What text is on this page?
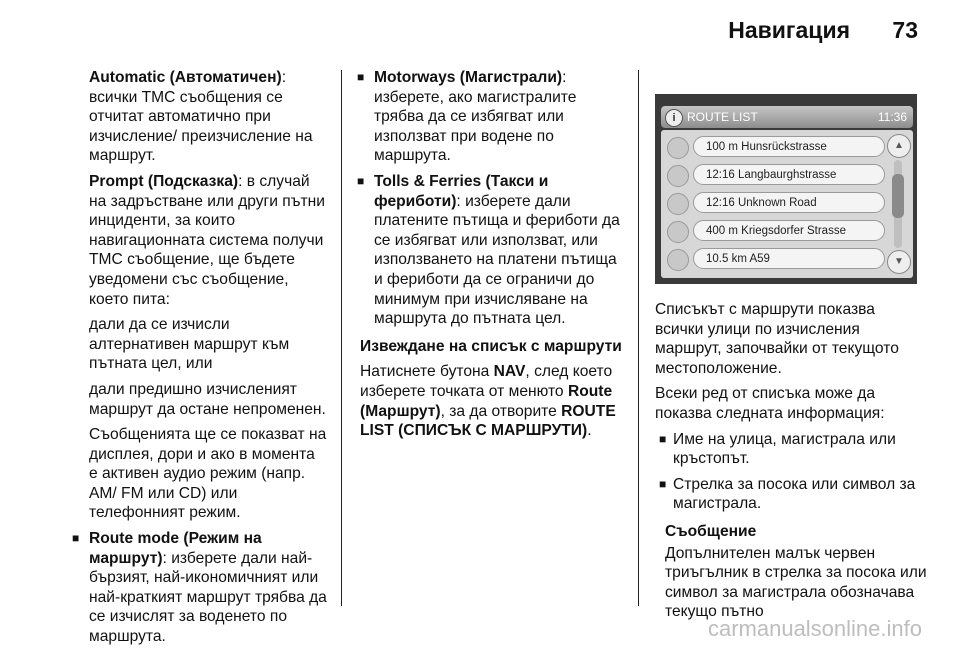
Навигация 73

Automatic (Автоматичен): всички TMC съобщения се отчитат автоматично при изчисление/ преизчисление на маршрут.

Prompt (Подсказка): в случай на задръстване или други пътни инциденти, за които навигационната система получи TMC съобщение, ще бъдете уведомени със съобщение, което пита:

дали да се изчисли алтернативен маршрут към пътната цел, или

дали предишно изчисленият маршрут да остане непроменен.

Съобщенията ще се показват на дисплея, дори и ако в момента е активен аудио режим (напр. AM/ FM или CD) или телефонният режим.

■ Route mode (Режим на маршрут): изберете дали най- бързият, най-икономичният или най-краткият маршрут трябва да се изчислят за воденето по маршрута.
■ Motorways (Магистрали): изберете, ако магистралите трябва да се избягват или използват при водене по маршрута.
■ Tolls & Ferries (Такси и фериботи): изберете дали платените пътища и фериботи да се избягват или използват, или използването на платени пътища и фериботи да се ограничи до минимум при изчисляване на маршрута до пътната цел.

Извеждане на списък с маршрути

Натиснете бутона NAV, след което изберете точката от менюто Route (Маршрут), за да отворите ROUTE LIST (СПИСЪК С МАРШРУТИ).

i ROUTE LIST	11:36
100 m Hunsrückstrasse
12:16 Langbaurghstrasse
12:16 Unknown Road
400 m Kriegsdorfer Strasse
10.5 km A59
▲
▼

Списъкът с маршрути показва всички улици по изчисления маршрут, започвайки от текущото местоположение.

Всеки ред от списъка може да показва следната информация:

■ Име на улица, магистрала или кръстопът.
■ Стрелка за посока или символ за магистрала.

Съобщение

Допълнителен малък червен триъгълник в стрелка за посока или символ за магистрала обозначава текущо пътно

carmanualsonline.info
